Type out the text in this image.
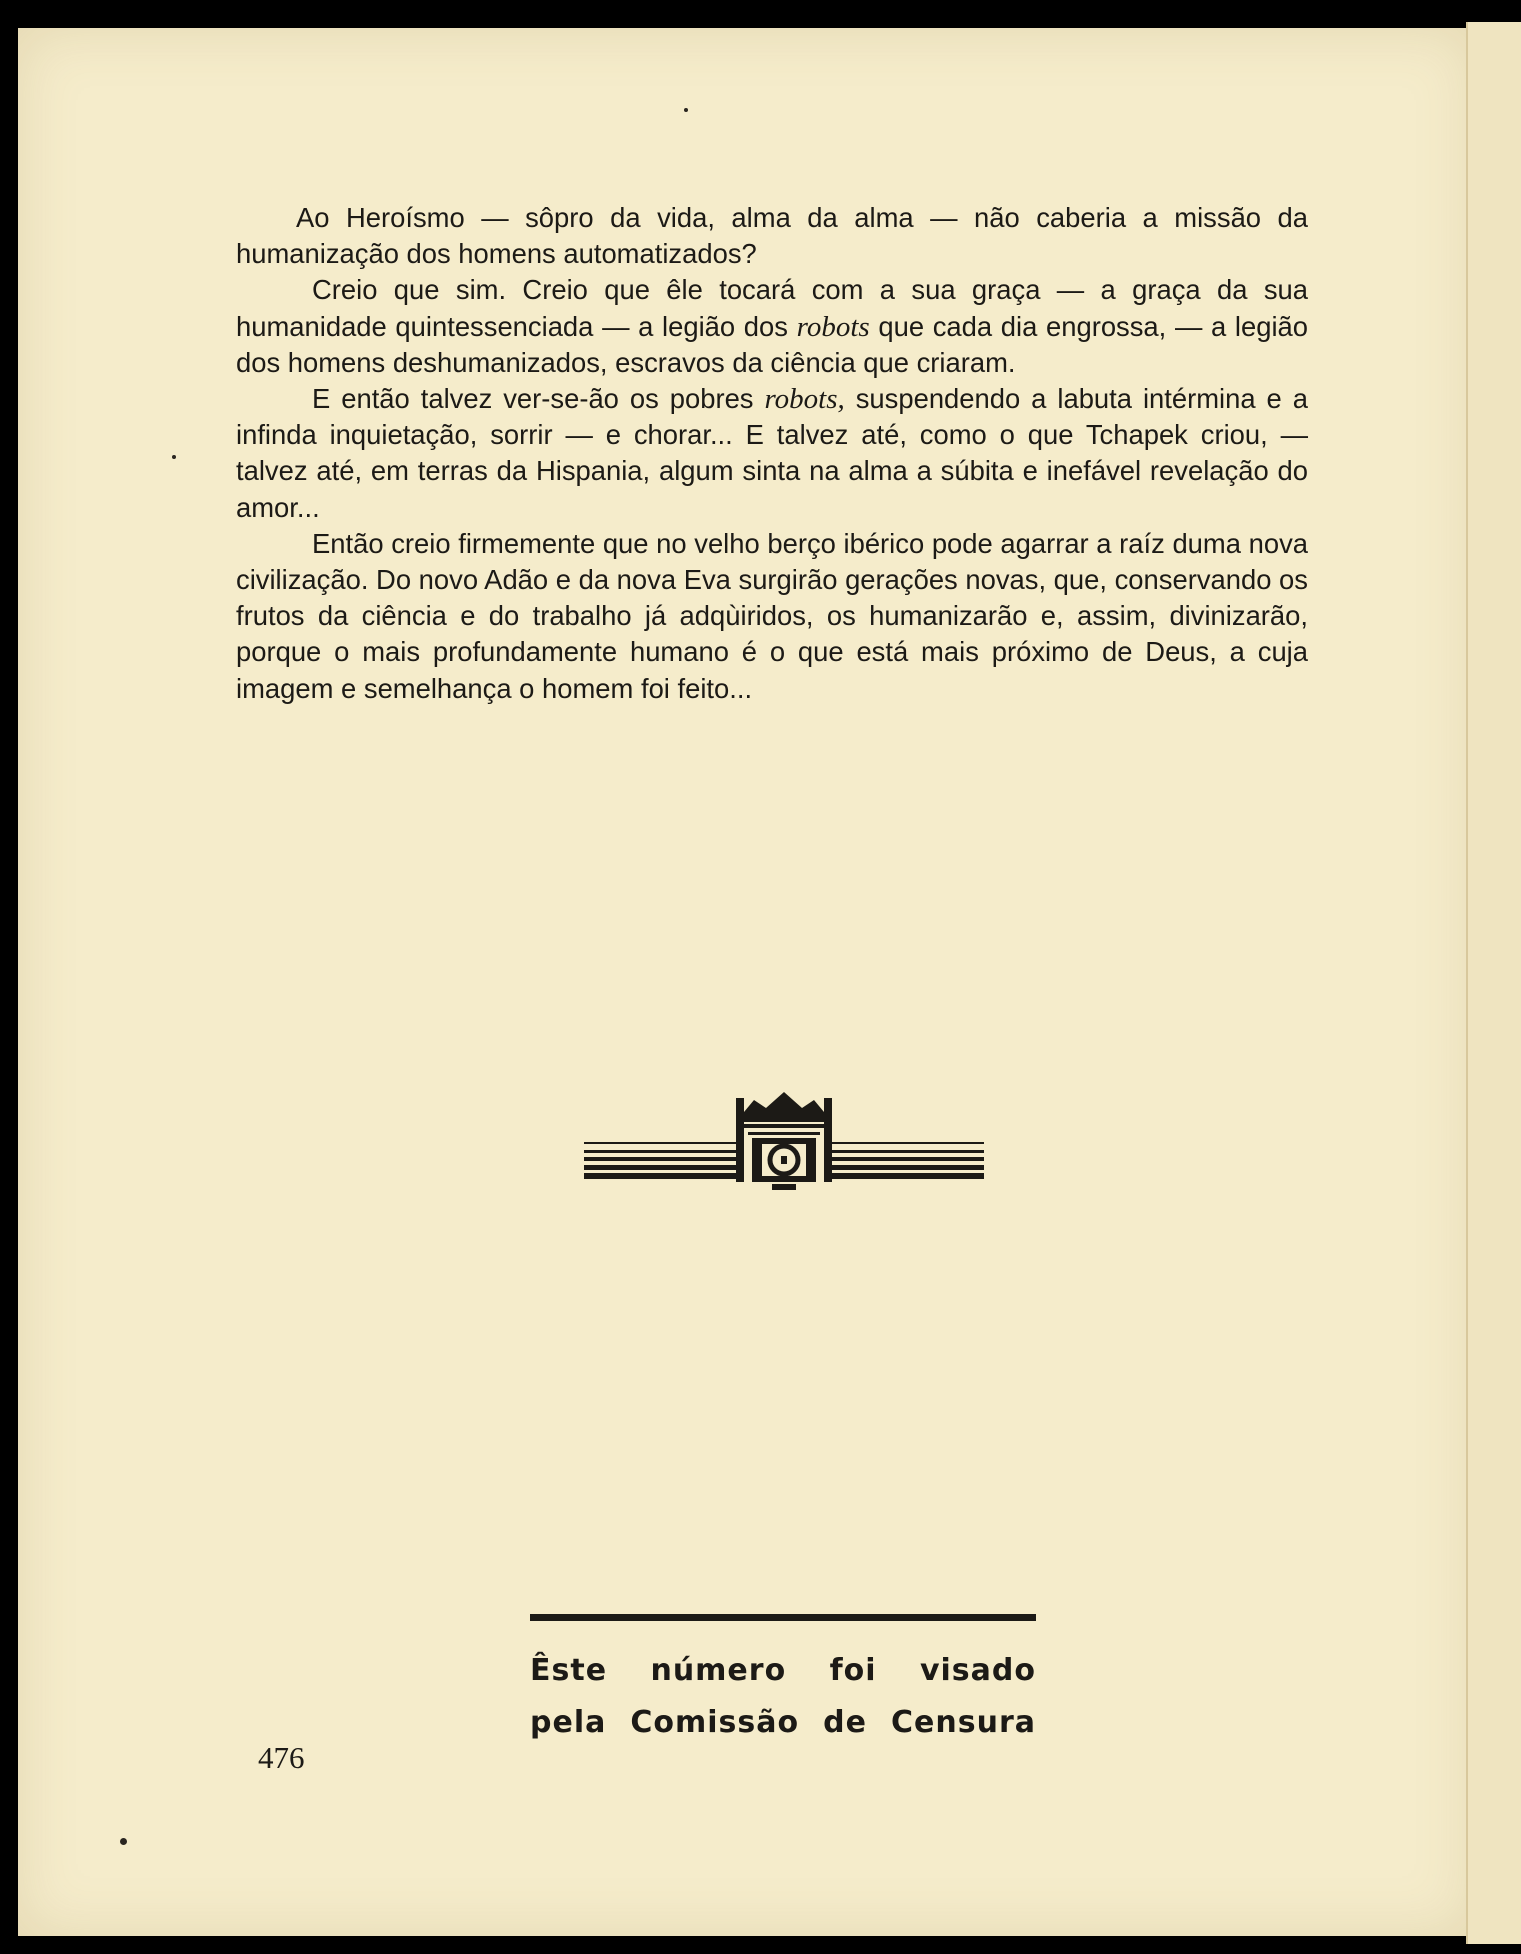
Ao Heroísmo — sôpro da vida, alma da alma — não caberia a missão da humanização dos homens automatizados?

Creio que sim. Creio que êle tocará com a sua graça — a graça da sua humanidade quintessenciada — a legião dos robots que cada dia engrossa, — a legião dos homens deshumanizados, escravos da ciência que criaram.

E então talvez ver-se-ão os pobres robots, suspendendo a labuta intérmina e a infinda inquietação, sorrir — e chorar... E talvez até, como o que Tchapek criou, — talvez até, em terras da Hispania, algum sinta na alma a súbita e inefável revelação do amor...

Então creio firmemente que no velho berço ibérico pode agarrar a raíz duma nova civilização. Do novo Adão e da nova Eva surgirão gerações novas, que, conservando os frutos da ciência e do trabalho já adqùiridos, os humanizarão e, assim, divinizarão, porque o mais profundamente humano é o que está mais próximo de Deus, a cuja imagem e semelhança o homem foi feito...

Êste número foi visado
pela Comissão de Censura
476
